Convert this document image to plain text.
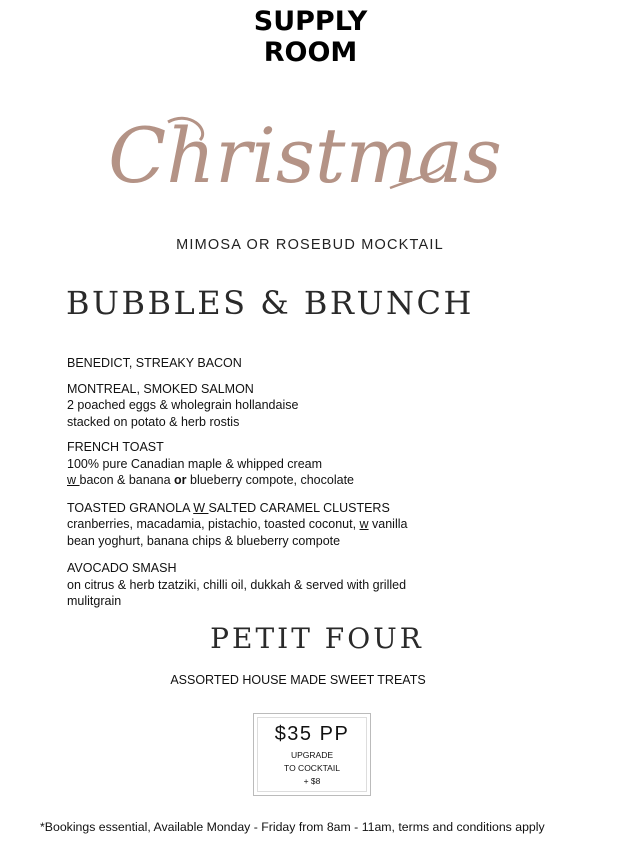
SUPPLY
ROOM
Christmas
MIMOSA OR ROSEBUD MOCKTAIL
BUBBLES & BRUNCH
BENEDICT, STREAKY BACON
MONTREAL, SMOKED SALMON
2 poached eggs & wholegrain hollandaise
stacked on potato & herb rostis
FRENCH TOAST
100% pure Canadian maple & whipped cream
w bacon & banana or blueberry compote, chocolate
TOASTED GRANOLA W SALTED CARAMEL CLUSTERS
cranberries, macadamia, pistachio, toasted coconut, w vanilla
bean yoghurt, banana chips & blueberry compote
AVOCADO SMASH
on citrus & herb tzatziki, chilli oil, dukkah & served with grilled
mulitgrain
PETIT FOUR
ASSORTED HOUSE MADE SWEET TREATS
$35 PP
UPGRADE
TO COCKTAIL
+ $8
*Bookings essential, Available Monday - Friday from 8am - 11am, terms and conditions apply
